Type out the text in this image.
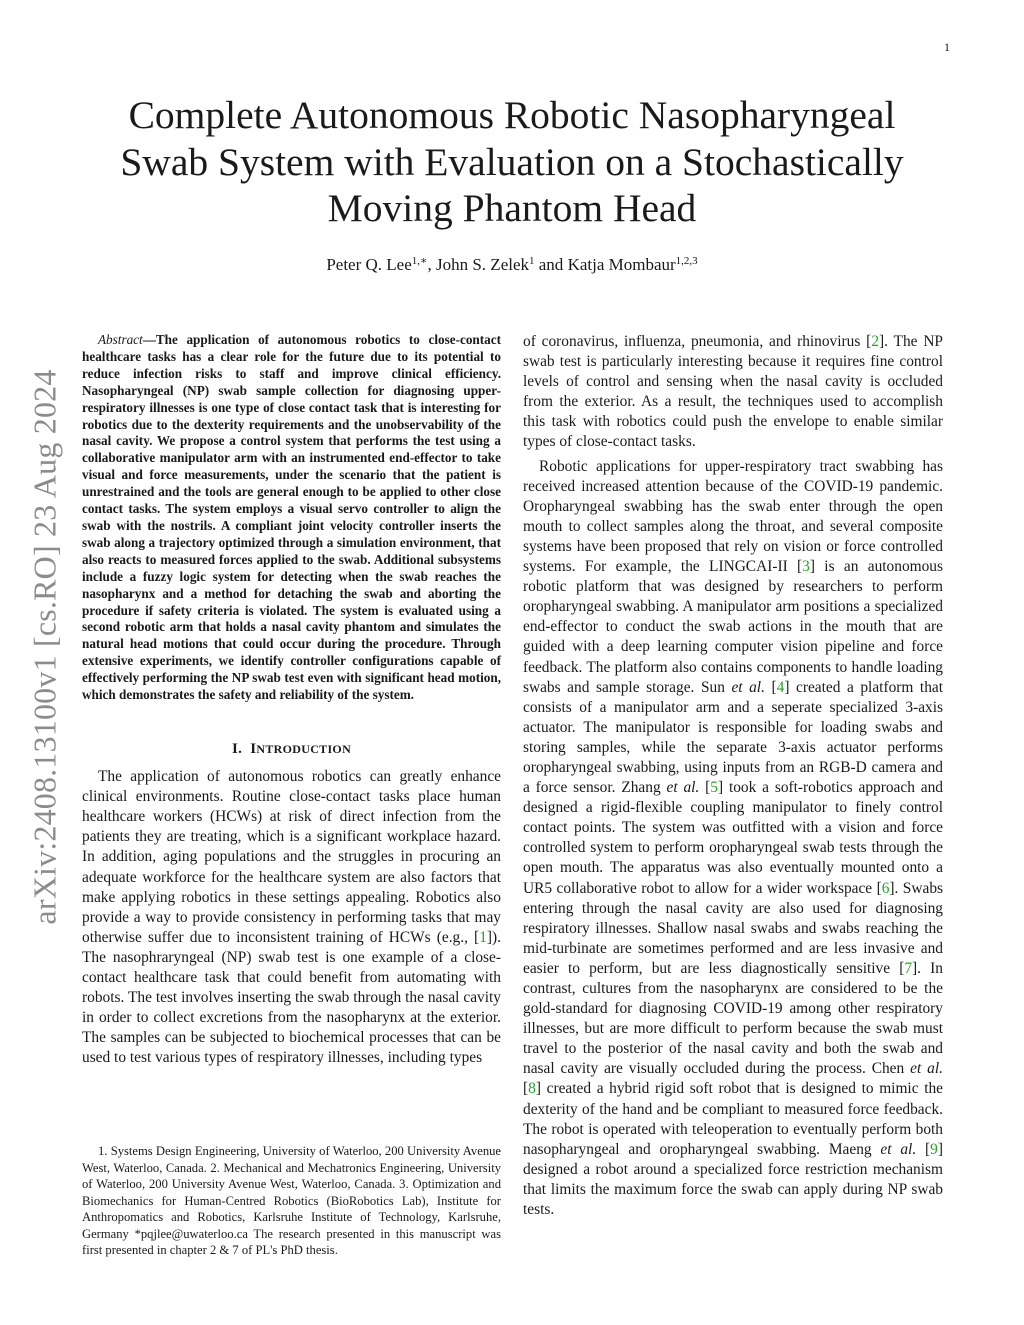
1
arXiv:2408.13100v1 [cs.RO] 23 Aug 2024
Complete Autonomous Robotic Nasopharyngeal
Swab System with Evaluation on a Stochastically
Moving Phantom Head
Peter Q. Lee$^{1,∗}$, John S. Zelek$^1$ and Katja Mombaur$^{1,2,3}$

Abstract—The application of autonomous robotics to close-contact healthcare tasks has a clear role for the future due to its potential to reduce infection risks to staff and improve clinical efficiency. Nasopharyngeal (NP) swab sample collection for diagnosing upper-respiratory illnesses is one type of close contact task that is interesting for robotics due to the dexterity requirements and the unobservability of the nasal cavity. We propose a control system that performs the test using a collaborative manipulator arm with an instrumented end-effector to take visual and force measurements, under the scenario that the patient is unrestrained and the tools are general enough to be applied to other close contact tasks. The system employs a visual servo controller to align the swab with the nostrils. A compliant joint velocity controller inserts the swab along a trajectory optimized through a simulation environment, that also reacts to measured forces applied to the swab. Additional subsystems include a fuzzy logic system for detecting when the swab reaches the nasopharynx and a method for detaching the swab and aborting the procedure if safety criteria is violated. The system is evaluated using a second robotic arm that holds a nasal cavity phantom and simulates the natural head motions that could occur during the procedure. Through extensive experiments, we identify controller configurations capable of effectively performing the NP swab test even with significant head motion, which demonstrates the safety and reliability of the system.

I. INTRODUCTION

The application of autonomous robotics can greatly enhance clinical environments. Routine close-contact tasks place human healthcare workers (HCWs) at risk of direct infection from the patients they are treating, which is a significant workplace hazard. In addition, aging populations and the struggles in procuring an adequate workforce for the healthcare system are also factors that make applying robotics in these settings appealing. Robotics also provide a way to provide consistency in performing tasks that may otherwise suffer due to inconsistent training of HCWs (e.g., [1]). The nasophraryngeal (NP) swab test is one example of a close-contact healthcare task that could benefit from automating with robots. The test involves inserting the swab through the nasal cavity in order to collect excretions from the nasopharynx at the exterior. The samples can be subjected to biochemical processes that can be used to test various types of respiratory illnesses, including types

1. Systems Design Engineering, University of Waterloo, 200 University Avenue West, Waterloo, Canada. 2. Mechanical and Mechatronics Engineering, University of Waterloo, 200 University Avenue West, Waterloo, Canada. 3. Optimization and Biomechanics for Human-Centred Robotics (BioRobotics Lab), Institute for Anthropomatics and Robotics, Karlsruhe Institute of Technology, Karlsruhe, Germany *pqjlee@uwaterloo.ca The research presented in this manuscript was first presented in chapter 2 & 7 of PL's PhD thesis.

of coronavirus, influenza, pneumonia, and rhinovirus [2]. The NP swab test is particularly interesting because it requires fine control levels of control and sensing when the nasal cavity is occluded from the exterior. As a result, the techniques used to accomplish this task with robotics could push the envelope to enable similar types of close-contact tasks.

Robotic applications for upper-respiratory tract swabbing has received increased attention because of the COVID-19 pandemic. Oropharyngeal swabbing has the swab enter through the open mouth to collect samples along the throat, and several composite systems have been proposed that rely on vision or force controlled systems. For example, the LINGCAI-II [3] is an autonomous robotic platform that was designed by researchers to perform oropharyngeal swabbing. A manipulator arm positions a specialized end-effector to conduct the swab actions in the mouth that are guided with a deep learning computer vision pipeline and force feedback. The platform also contains components to handle loading swabs and sample storage. Sun et al. [4] created a platform that consists of a manipulator arm and a seperate specialized 3-axis actuator. The manipulator is responsible for loading swabs and storing samples, while the separate 3-axis actuator performs oropharyngeal swabbing, using inputs from an RGB-D camera and a force sensor. Zhang et al. [5] took a soft-robotics approach and designed a rigid-flexible coupling manipulator to finely control contact points. The system was outfitted with a vision and force controlled system to perform oropharyngeal swab tests through the open mouth. The apparatus was also eventually mounted onto a UR5 collaborative robot to allow for a wider workspace [6]. Swabs entering through the nasal cavity are also used for diagnosing respiratory illnesses. Shallow nasal swabs and swabs reaching the mid-turbinate are sometimes performed and are less invasive and easier to perform, but are less diagnostically sensitive [7]. In contrast, cultures from the nasopharynx are considered to be the gold-standard for diagnosing COVID-19 among other respiratory illnesses, but are more difficult to perform because the swab must travel to the posterior of the nasal cavity and both the swab and nasal cavity are visually occluded during the process. Chen et al. [8] created a hybrid rigid soft robot that is designed to mimic the dexterity of the hand and be compliant to measured force feedback. The robot is operated with teleoperation to eventually perform both nasopharyngeal and oropharyngeal swabbing. Maeng et al. [9] designed a robot around a specialized force restriction mechanism that limits the maximum force the swab can apply during NP swab tests.
